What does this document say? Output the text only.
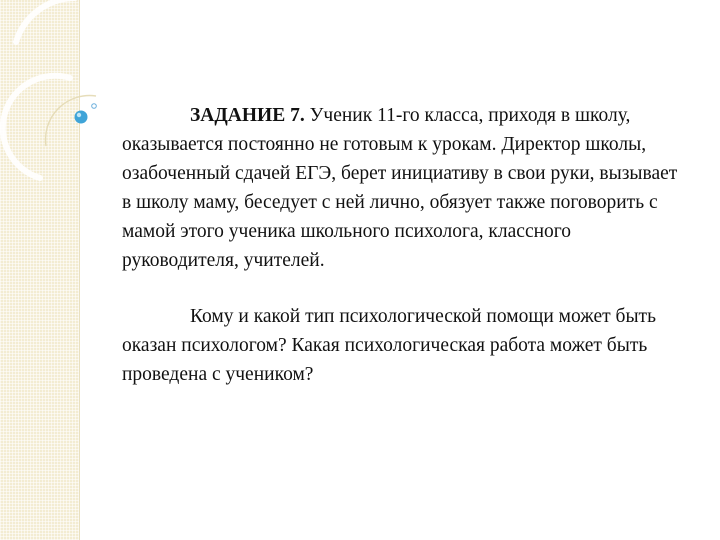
ЗАДАНИЕ 7. Ученик 11-го класса, приходя в школу, оказывается постоянно не готовым к урокам. Директор школы, озабоченный сдачей ЕГЭ, берет инициативу в свои руки, вызывает в школу маму, беседует с ней лично, обязует также поговорить с мамой этого ученика школьного психолога, классного руководителя, учителей.

Кому и какой тип психологической помощи может быть оказан психологом? Какая психологическая работа может быть проведена с учеником?
